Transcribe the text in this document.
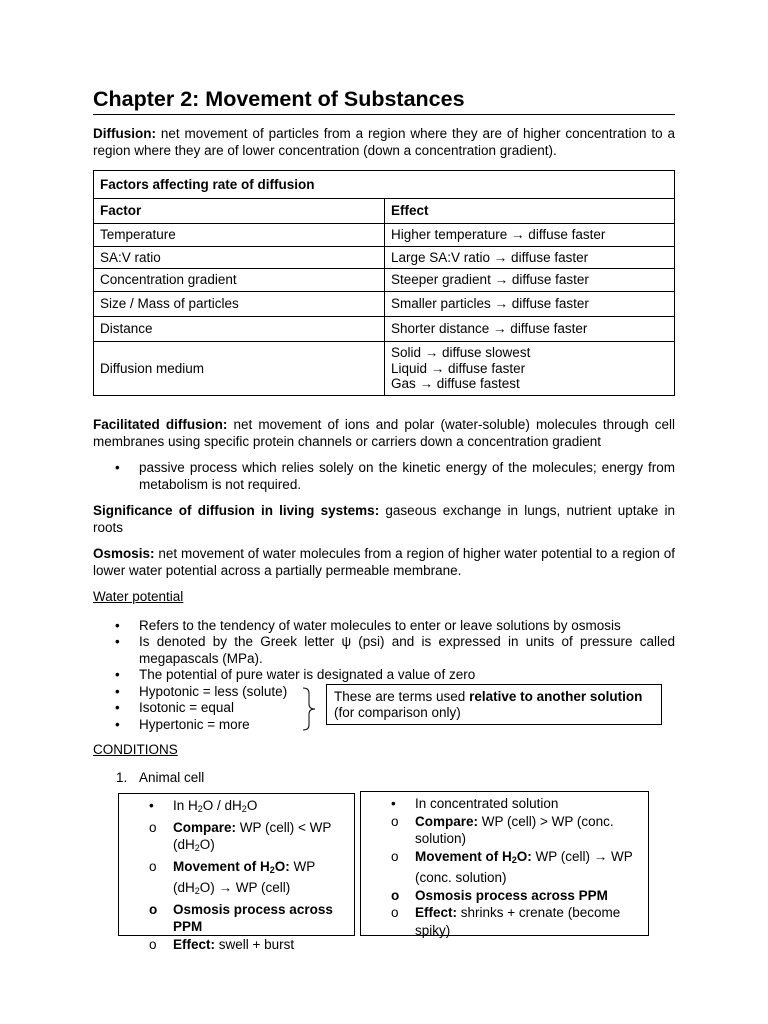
Chapter 2: Movement of Substances

Diffusion: net movement of particles from a region where they are of higher concentration to a region where they are of lower concentration (down a concentration gradient).

Factors affecting rate of diffusion	
Factor	Effect
Temperature	Higher temperature → diffuse faster
SA:V ratio	Large SA:V ratio → diffuse faster
Concentration gradient	Steeper gradient → diffuse faster
Size / Mass of particles	Smaller particles → diffuse faster
Distance	Shorter distance → diffuse faster
Diffusion medium	Solid → diffuse slowest
Liquid → diffuse faster
Gas → diffuse fastest

Facilitated diffusion: net movement of ions and polar (water-soluble) molecules through cell membranes using specific protein channels or carriers down a concentration gradient

• passive process which relies solely on the kinetic energy of the molecules; energy from metabolism is not required.

Significance of diffusion in living systems: gaseous exchange in lungs, nutrient uptake in roots

Osmosis: net movement of water molecules from a region of higher water potential to a region of lower water potential across a partially permeable membrane.

Water potential

• Refers to the tendency of water molecules to enter or leave solutions by osmosis
• Is denoted by the Greek letter ψ (psi) and is expressed in units of pressure called megapascals (MPa).
• The potential of pure water is designated a value of zero
• Hypotonic = less (solute)
• Isotonic = equal
• Hypertonic = more
These are terms used relative to another solution
(for comparison only)

CONDITIONS

1. Animal cell
• In $H_2O / dH_2O$
o Compare: WP (cell) < WP $(dH_2O)$
o Movement of $H_2O$: WP $(dH_2O)$ → WP (cell)
o Osmosis process across PPM
o Effect: swell + burst
• In concentrated solution
o Compare: WP (cell) > WP (conc. solution)
o Movement of $H_2O$: WP (cell) → WP (conc. solution)
o Osmosis process across PPM
o Effect: shrinks + crenate (become spiky)
